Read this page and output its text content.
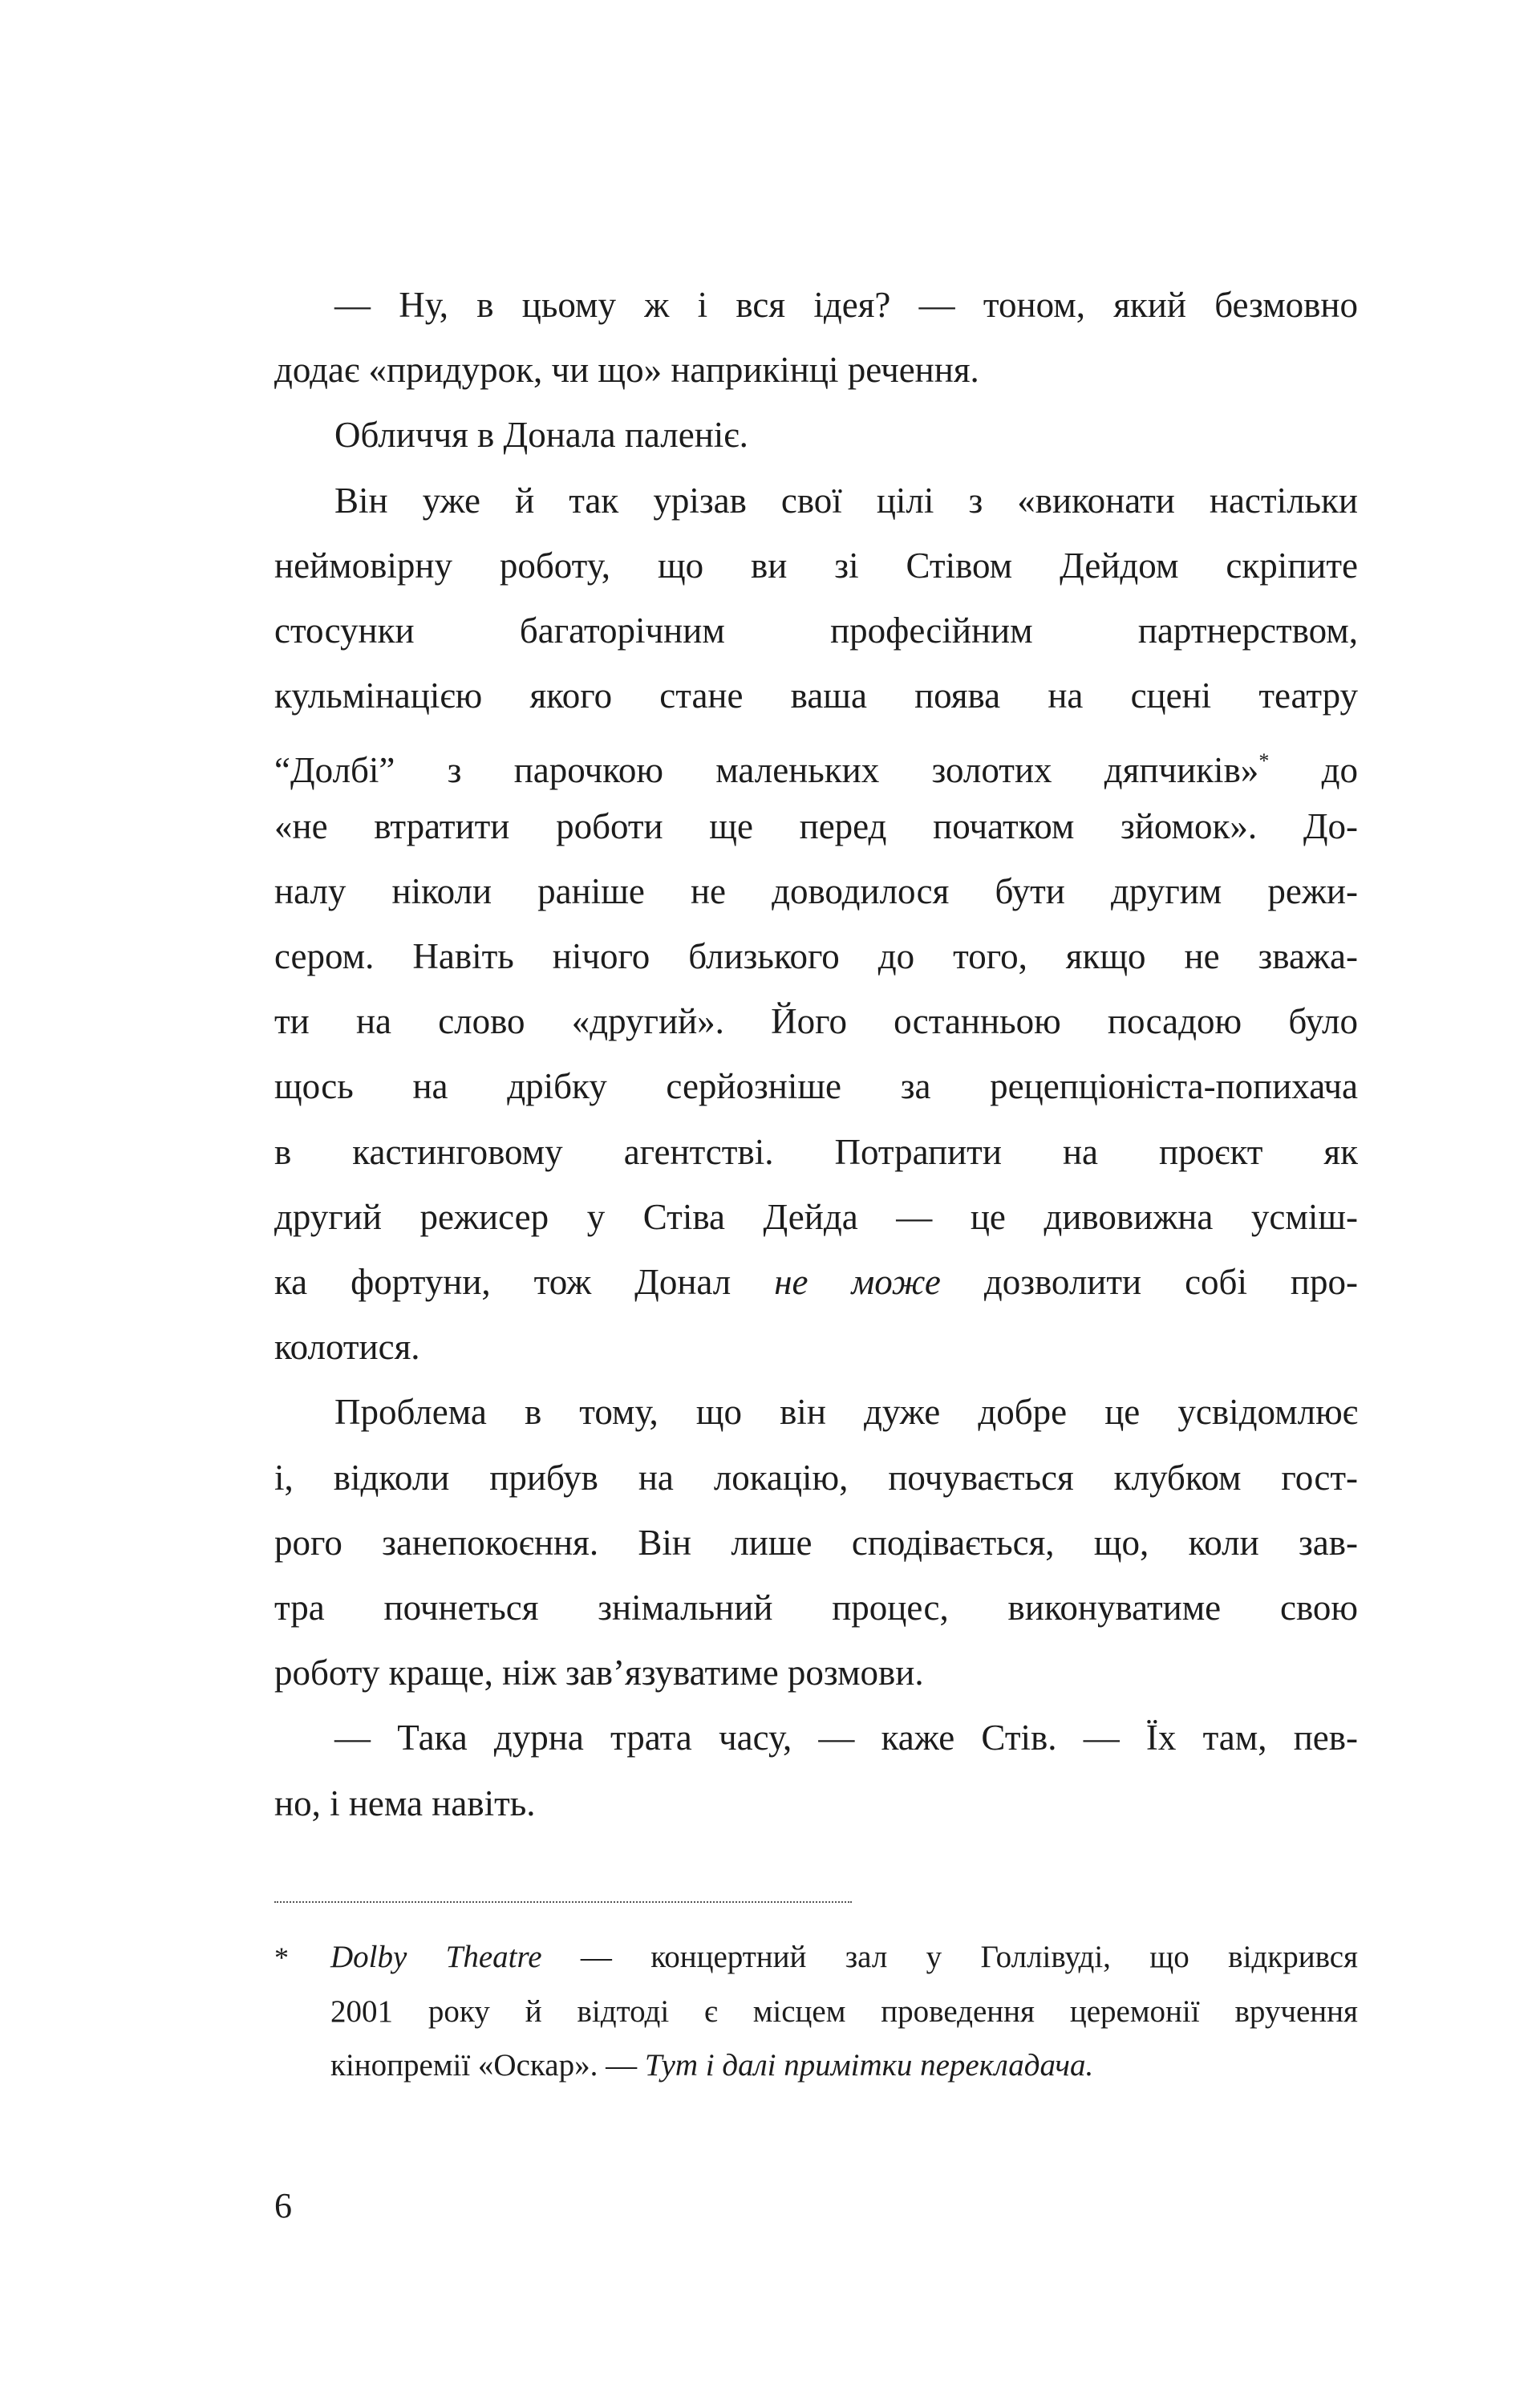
— Ну, в цьому ж і вся ідея? — тоном, який безмовно
додає «придурок, чи що» наприкінці речення.
Обличчя в Донала паленіє.
Він уже й так урізав свої цілі з «виконати настільки
неймовірну роботу, що ви зі Стівом Дейдом скріпите
стосунки багаторічним професійним партнерством,
кульмінацією якого стане ваша поява на сцені театру
“Долбі” з парочкою маленьких золотих дяпчиків»* до
«не втратити роботи ще перед початком зйомок». До-
налу ніколи раніше не доводилося бути другим режи-
сером. Навіть нічого близького до того, якщо не зважа-
ти на слово «другий». Його останньою посадою було
щось на дрібку серйозніше за рецепціоніста-попихача
в кастинговому агентстві. Потрапити на проєкт як
другий режисер у Стіва Дейда — це дивовижна усміш-
ка фортуни, тож Донал не може дозволити собі про-
колотися.
Проблема в тому, що він дуже добре це усвідомлює
і, відколи прибув на локацію, почувається клубком гост-
рого занепокоєння. Він лише сподівається, що, коли зав-
тра почнеться знімальний процес, виконуватиме свою
роботу краще, ніж зав’язуватиме розмови.
— Така дурна трата часу, — каже Стів. — Їх там, пев-
но, і нема навіть.
* Dolby Theatre — концертний зал у Голлівуді, що відкрився
2001 року й відтоді є місцем проведення церемонії вручення
кінопремії «Оскар». — Тут і далі примітки перекладача.
6
